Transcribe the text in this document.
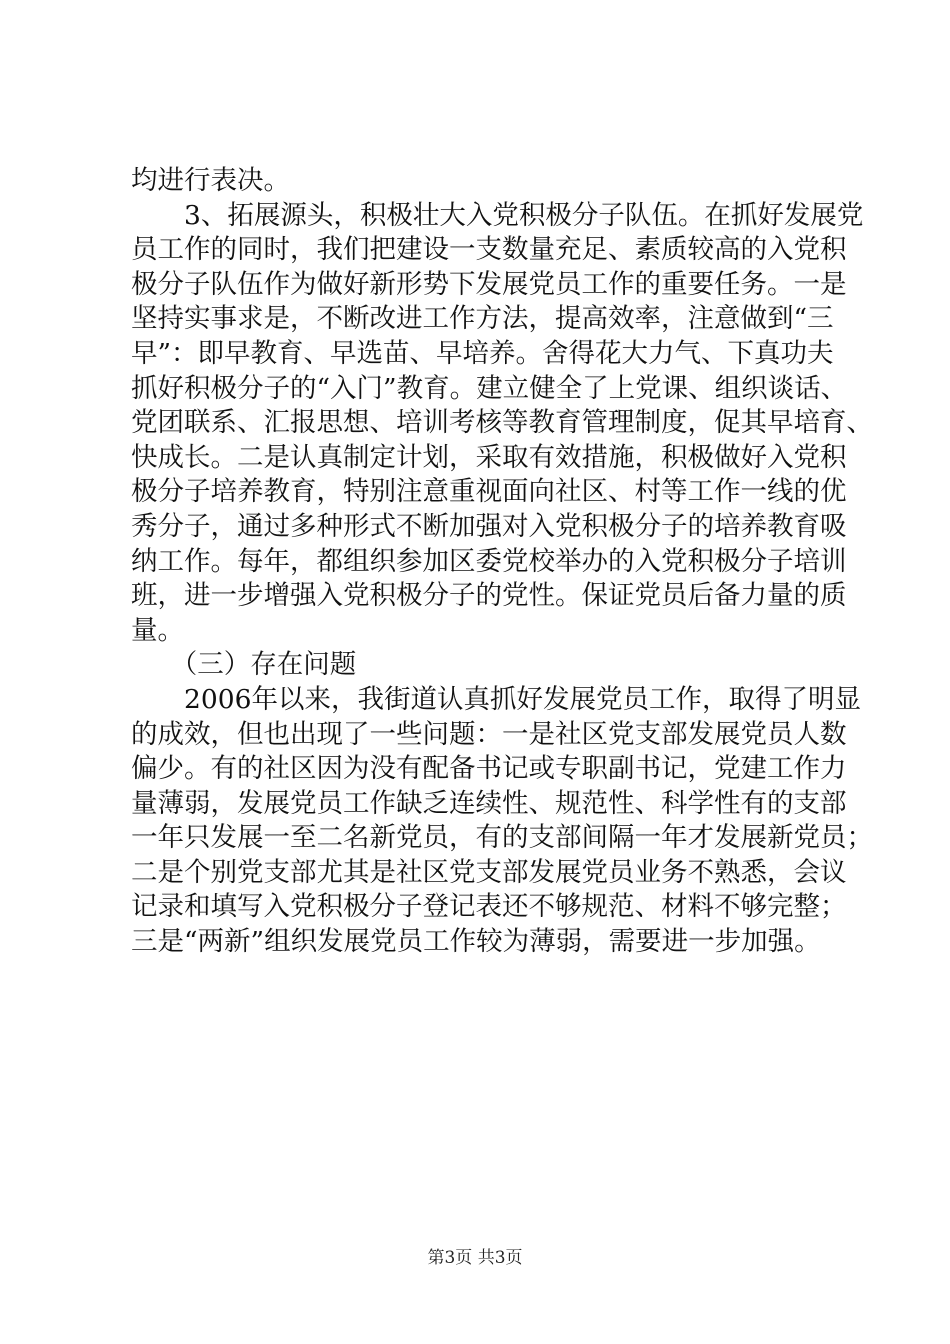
均进行表决。
　　3、拓展源头，积极壮大入党积极分子队伍。在抓好发展党
员工作的同时，我们把建设一支数量充足、素质较高的入党积
极分子队伍作为做好新形势下发展党员工作的重要任务。一是
坚持实事求是，不断改进工作方法，提高效率，注意做到“三
早”：即早教育、早选苗、早培养。舍得花大力气、下真功夫
抓好积极分子的“入门”教育。建立健全了上党课、组织谈话、
党团联系、汇报思想、培训考核等教育管理制度，促其早培育、
快成长。二是认真制定计划，采取有效措施，积极做好入党积
极分子培养教育，特别注意重视面向社区、村等工作一线的优
秀分子，通过多种形式不断加强对入党积极分子的培养教育吸
纳工作。每年，都组织参加区委党校举办的入党积极分子培训
班，进一步增强入党积极分子的党性。保证党员后备力量的质
量。
　　（三）存在问题
　　2006年以来，我街道认真抓好发展党员工作，取得了明显
的成效，但也出现了一些问题：一是社区党支部发展党员人数
偏少。有的社区因为没有配备书记或专职副书记，党建工作力
量薄弱，发展党员工作缺乏连续性、规范性、科学性有的支部
一年只发展一至二名新党员，有的支部间隔一年才发展新党员；
二是个别党支部尤其是社区党支部发展党员业务不熟悉，会议
记录和填写入党积极分子登记表还不够规范、材料不够完整；
三是“两新”组织发展党员工作较为薄弱，需要进一步加强。
第3页 共3页
